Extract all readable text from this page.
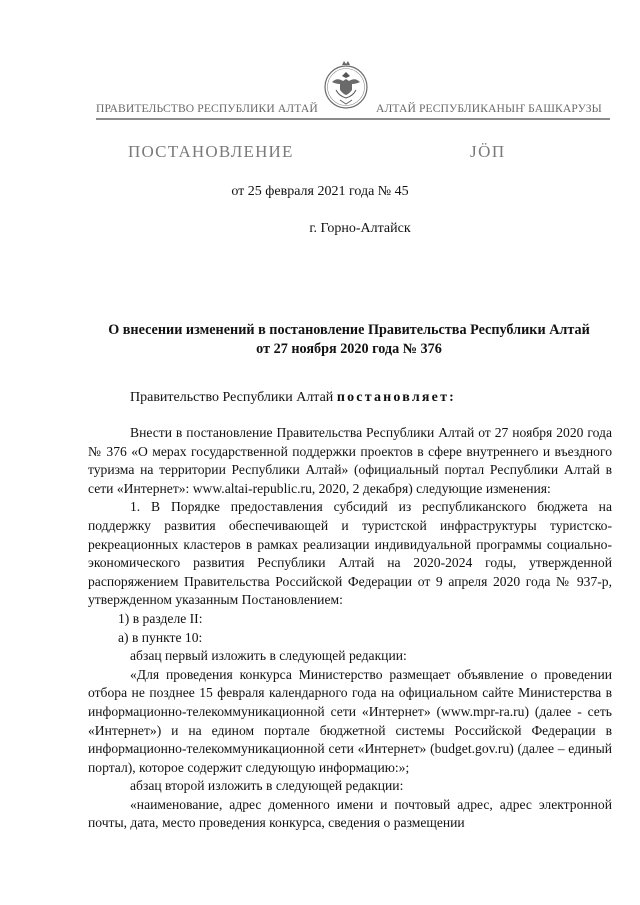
ПРАВИТЕЛЬСТВО РЕСПУБЛИКИ АЛТАЙ	АЛТАЙ РЕСПУБЛИКАНЫҤ БАШКАРУЗЫ
ПОСТАНОВЛЕНИЕ	JӦП
от 25 февраля 2021 года № 45
г. Горно-Алтайск
О внесении изменений в постановление Правительства Республики Алтай
от 27 ноября 2020 года № 376
Правительство Республики Алтай постановляет:

Внести в постановление Правительства Республики Алтай от 27 ноября 2020 года № 376 «О мерах государственной поддержки проектов в сфере внутреннего и въездного туризма на территории Республики Алтай» (официальный портал Республики Алтай в сети «Интернет»: www.altai-republic.ru, 2020, 2 декабря) следующие изменения:

1. В Порядке предоставления субсидий из республиканского бюджета на поддержку развития обеспечивающей и туристской инфраструктуры туристско-рекреационных кластеров в рамках реализации индивидуальной программы социально-экономического развития Республики Алтай на 2020-2024 годы, утвержденной распоряжением Правительства Российской Федерации от 9 апреля 2020 года № 937-р, утвержденном указанным Постановлением:

1) в разделе II:

а) в пункте 10:

абзац первый изложить в следующей редакции:

«Для проведения конкурса Министерство размещает объявление о проведении отбора не позднее 15 февраля календарного года на официальном сайте Министерства в информационно-телекоммуникационной сети «Интернет» (www.mpr-ra.ru) (далее - сеть «Интернет») и на едином портале бюджетной системы Российской Федерации в информационно-телекоммуникационной сети «Интернет» (budget.gov.ru) (далее – единый портал), которое содержит следующую информацию:»;

абзац второй изложить в следующей редакции:

«наименование, адрес доменного имени и почтовый адрес, адрес электронной почты, дата, место проведения конкурса, сведения о размещении
